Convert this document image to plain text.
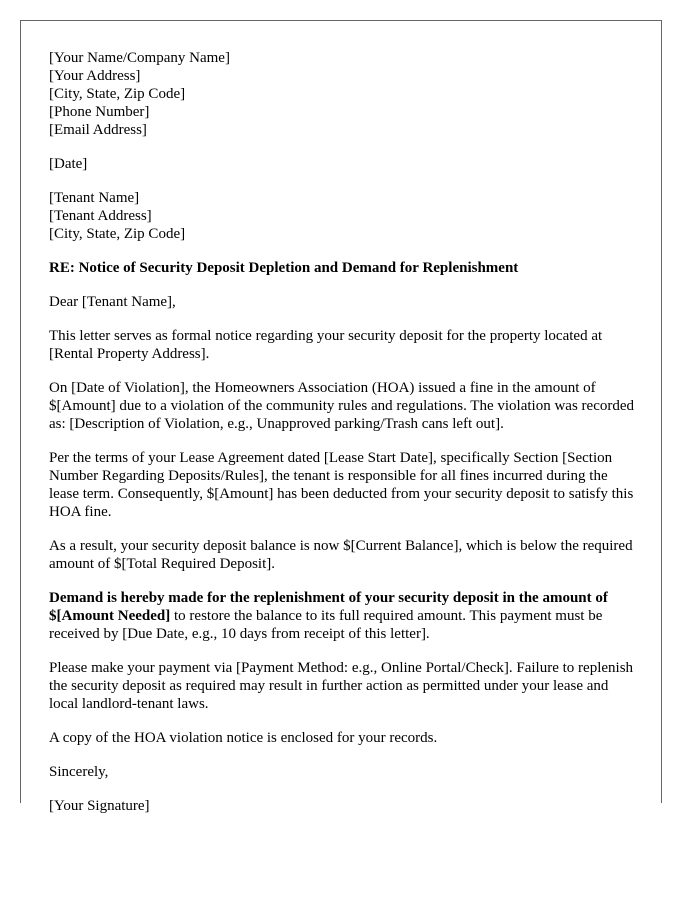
[Your Name/Company Name]
[Your Address]
[City, State, Zip Code]
[Phone Number]
[Email Address]
[Date]
[Tenant Name]
[Tenant Address]
[City, State, Zip Code]

RE: Notice of Security Deposit Depletion and Demand for Replenishment

Dear [Tenant Name],

This letter serves as formal notice regarding your security deposit for the property located at [Rental Property Address].

On [Date of Violation], the Homeowners Association (HOA) issued a fine in the amount of $[Amount] due to a violation of the community rules and regulations. The violation was recorded as: [Description of Violation, e.g., Unapproved parking/Trash cans left out].

Per the terms of your Lease Agreement dated [Lease Start Date], specifically Section [Section Number Regarding Deposits/Rules], the tenant is responsible for all fines incurred during the lease term. Consequently, $[Amount] has been deducted from your security deposit to satisfy this HOA fine.

As a result, your security deposit balance is now $[Current Balance], which is below the required amount of $[Total Required Deposit].

Demand is hereby made for the replenishment of your security deposit in the amount of $[Amount Needed] to restore the balance to its full required amount. This payment must be received by [Due Date, e.g., 10 days from receipt of this letter].

Please make your payment via [Payment Method: e.g., Online Portal/Check]. Failure to replenish the security deposit as required may result in further action as permitted under your lease and local landlord-tenant laws.

A copy of the HOA violation notice is enclosed for your records.

Sincerely,

[Your Signature]
